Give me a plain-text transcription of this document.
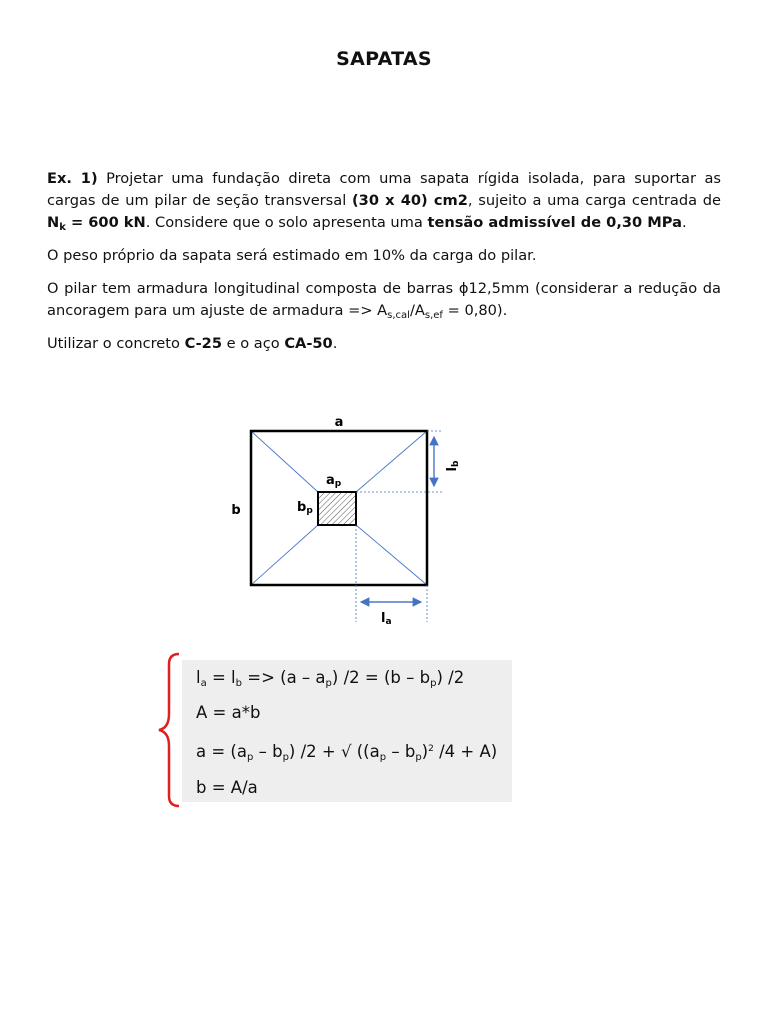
SAPATAS
Ex. 1) Projetar uma fundação direta com uma sapata rígida isolada, para suportar as cargas de um pilar de seção transversal (30 x 40) cm2, sujeito a uma carga centrada de $N_k = 600$ kN. Considere que o solo apresenta uma tensão admissível de 0,30 MPa.
O peso próprio da sapata será estimado em 10% da carga do pilar.
O pilar tem armadura longitudinal composta de barras ϕ12,5mm (considerar a redução da ancoragem para um ajuste de armadura => $A_{s,cal}/A_{s,ef} = 0,80$).
Utilizar o concreto C-25 e o aço CA-50.
a
b
ap
bp
la
lb
$l_a = l_b => (a - a_p) /2 = (b - b_p)$ /2
A = a*b
$a = (a_p - b_p) /2$ + √ ($(a_p - b_p)^2$ /4 + A)
b = A/a
